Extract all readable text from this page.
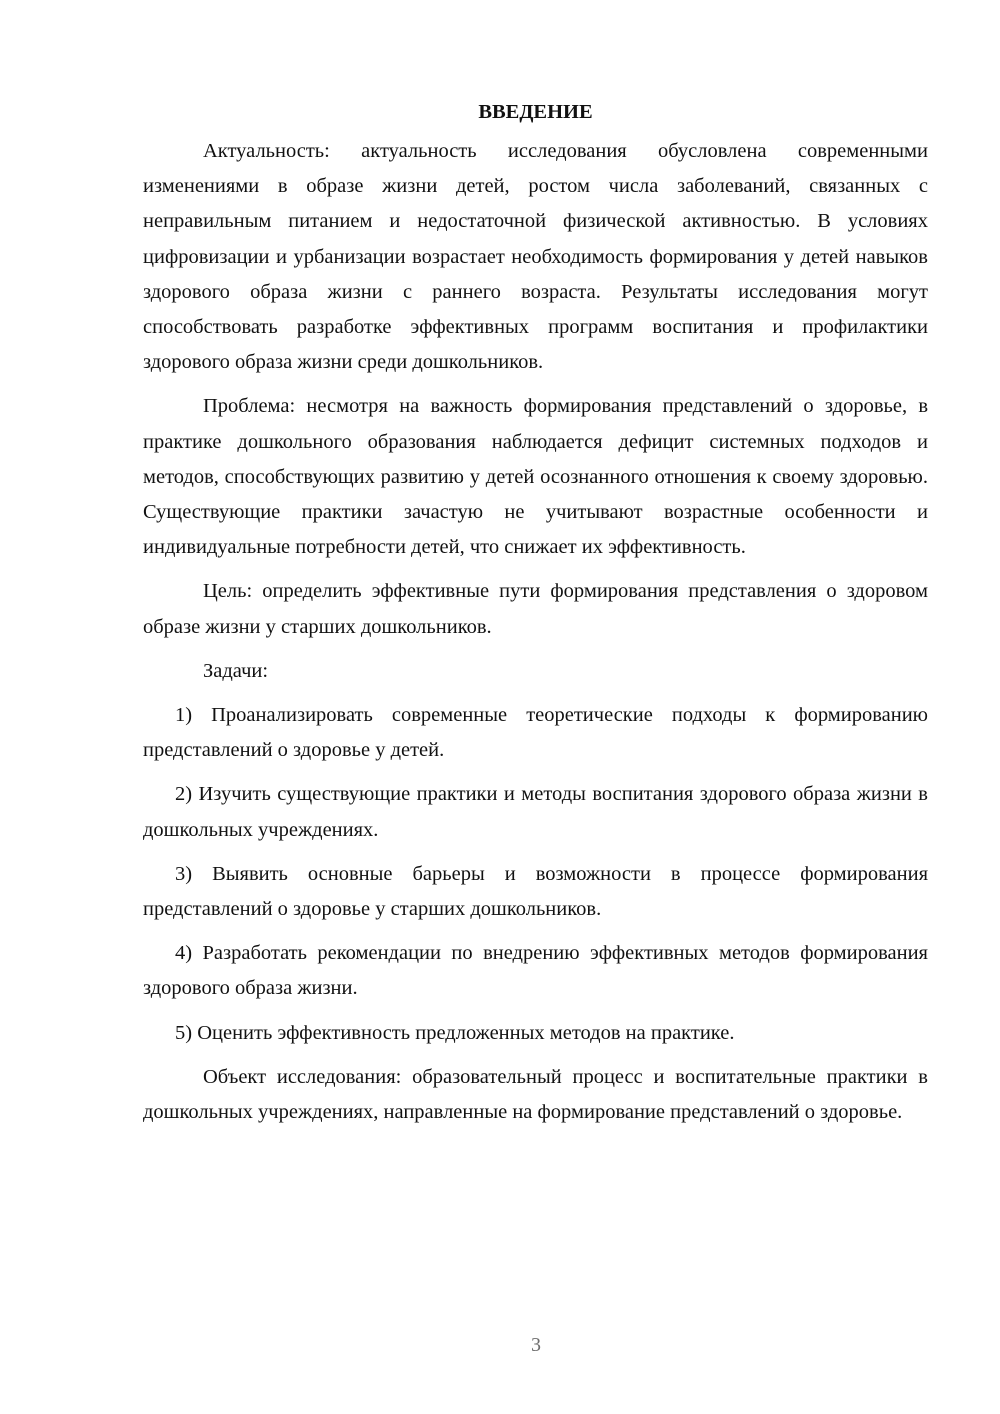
ВВЕДЕНИЕ

Актуальность: актуальность исследования обусловлена современными изменениями в образе жизни детей, ростом числа заболеваний, связанных с неправильным питанием и недостаточной физической активностью. В условиях цифровизации и урбанизации возрастает необходимость формирования у детей навыков здорового образа жизни с раннего возраста. Результаты исследования могут способствовать разработке эффективных программ воспитания и профилактики здорового образа жизни среди дошкольников.

Проблема: несмотря на важность формирования представлений о здоровье, в практике дошкольного образования наблюдается дефицит системных подходов и методов, способствующих развитию у детей осознанного отношения к своему здоровью. Существующие практики зачастую не учитывают возрастные особенности и индивидуальные потребности детей, что снижает их эффективность.

Цель: определить эффективные пути формирования представления о здоровом образе жизни у старших дошкольников.

Задачи:

1) Проанализировать современные теоретические подходы к формированию представлений о здоровье у детей.

2) Изучить существующие практики и методы воспитания здорового образа жизни в дошкольных учреждениях.

3) Выявить основные барьеры и возможности в процессе формирования представлений о здоровье у старших дошкольников.

4) Разработать рекомендации по внедрению эффективных методов формирования здорового образа жизни.

5) Оценить эффективность предложенных методов на практике.

Объект исследования: образовательный процесс и воспитательные практики в дошкольных учреждениях, направленные на формирование представлений о здоровье.

3
